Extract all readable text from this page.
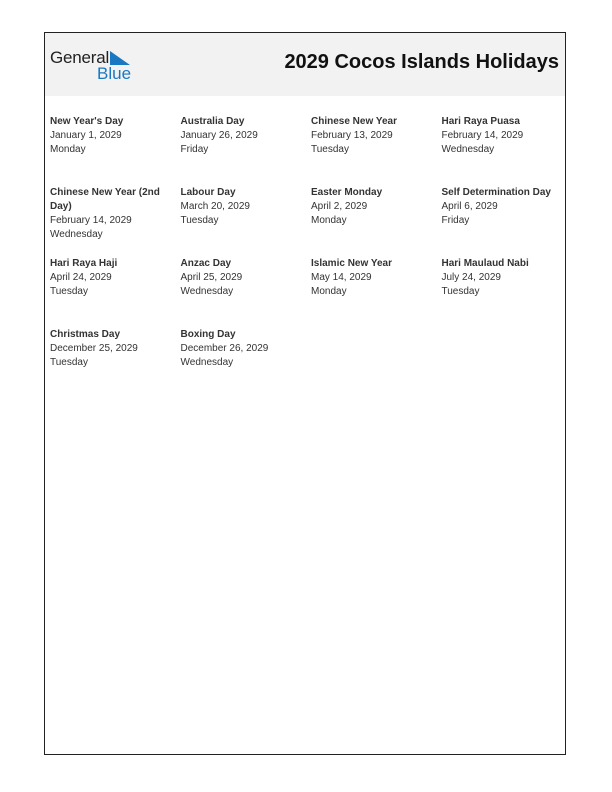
General
Blue
2029 Cocos Islands Holidays
New Year's Day
January 1, 2029
Monday
Australia Day
January 26, 2029
Friday
Chinese New Year
February 13, 2029
Tuesday
Hari Raya Puasa
February 14, 2029
Wednesday
Chinese New Year (2nd Day)
February 14, 2029
Wednesday
Labour Day
March 20, 2029
Tuesday
Easter Monday
April 2, 2029
Monday
Self Determination Day
April 6, 2029
Friday
Hari Raya Haji
April 24, 2029
Tuesday
Anzac Day
April 25, 2029
Wednesday
Islamic New Year
May 14, 2029
Monday
Hari Maulaud Nabi
July 24, 2029
Tuesday
Christmas Day
December 25, 2029
Tuesday
Boxing Day
December 26, 2029
Wednesday
